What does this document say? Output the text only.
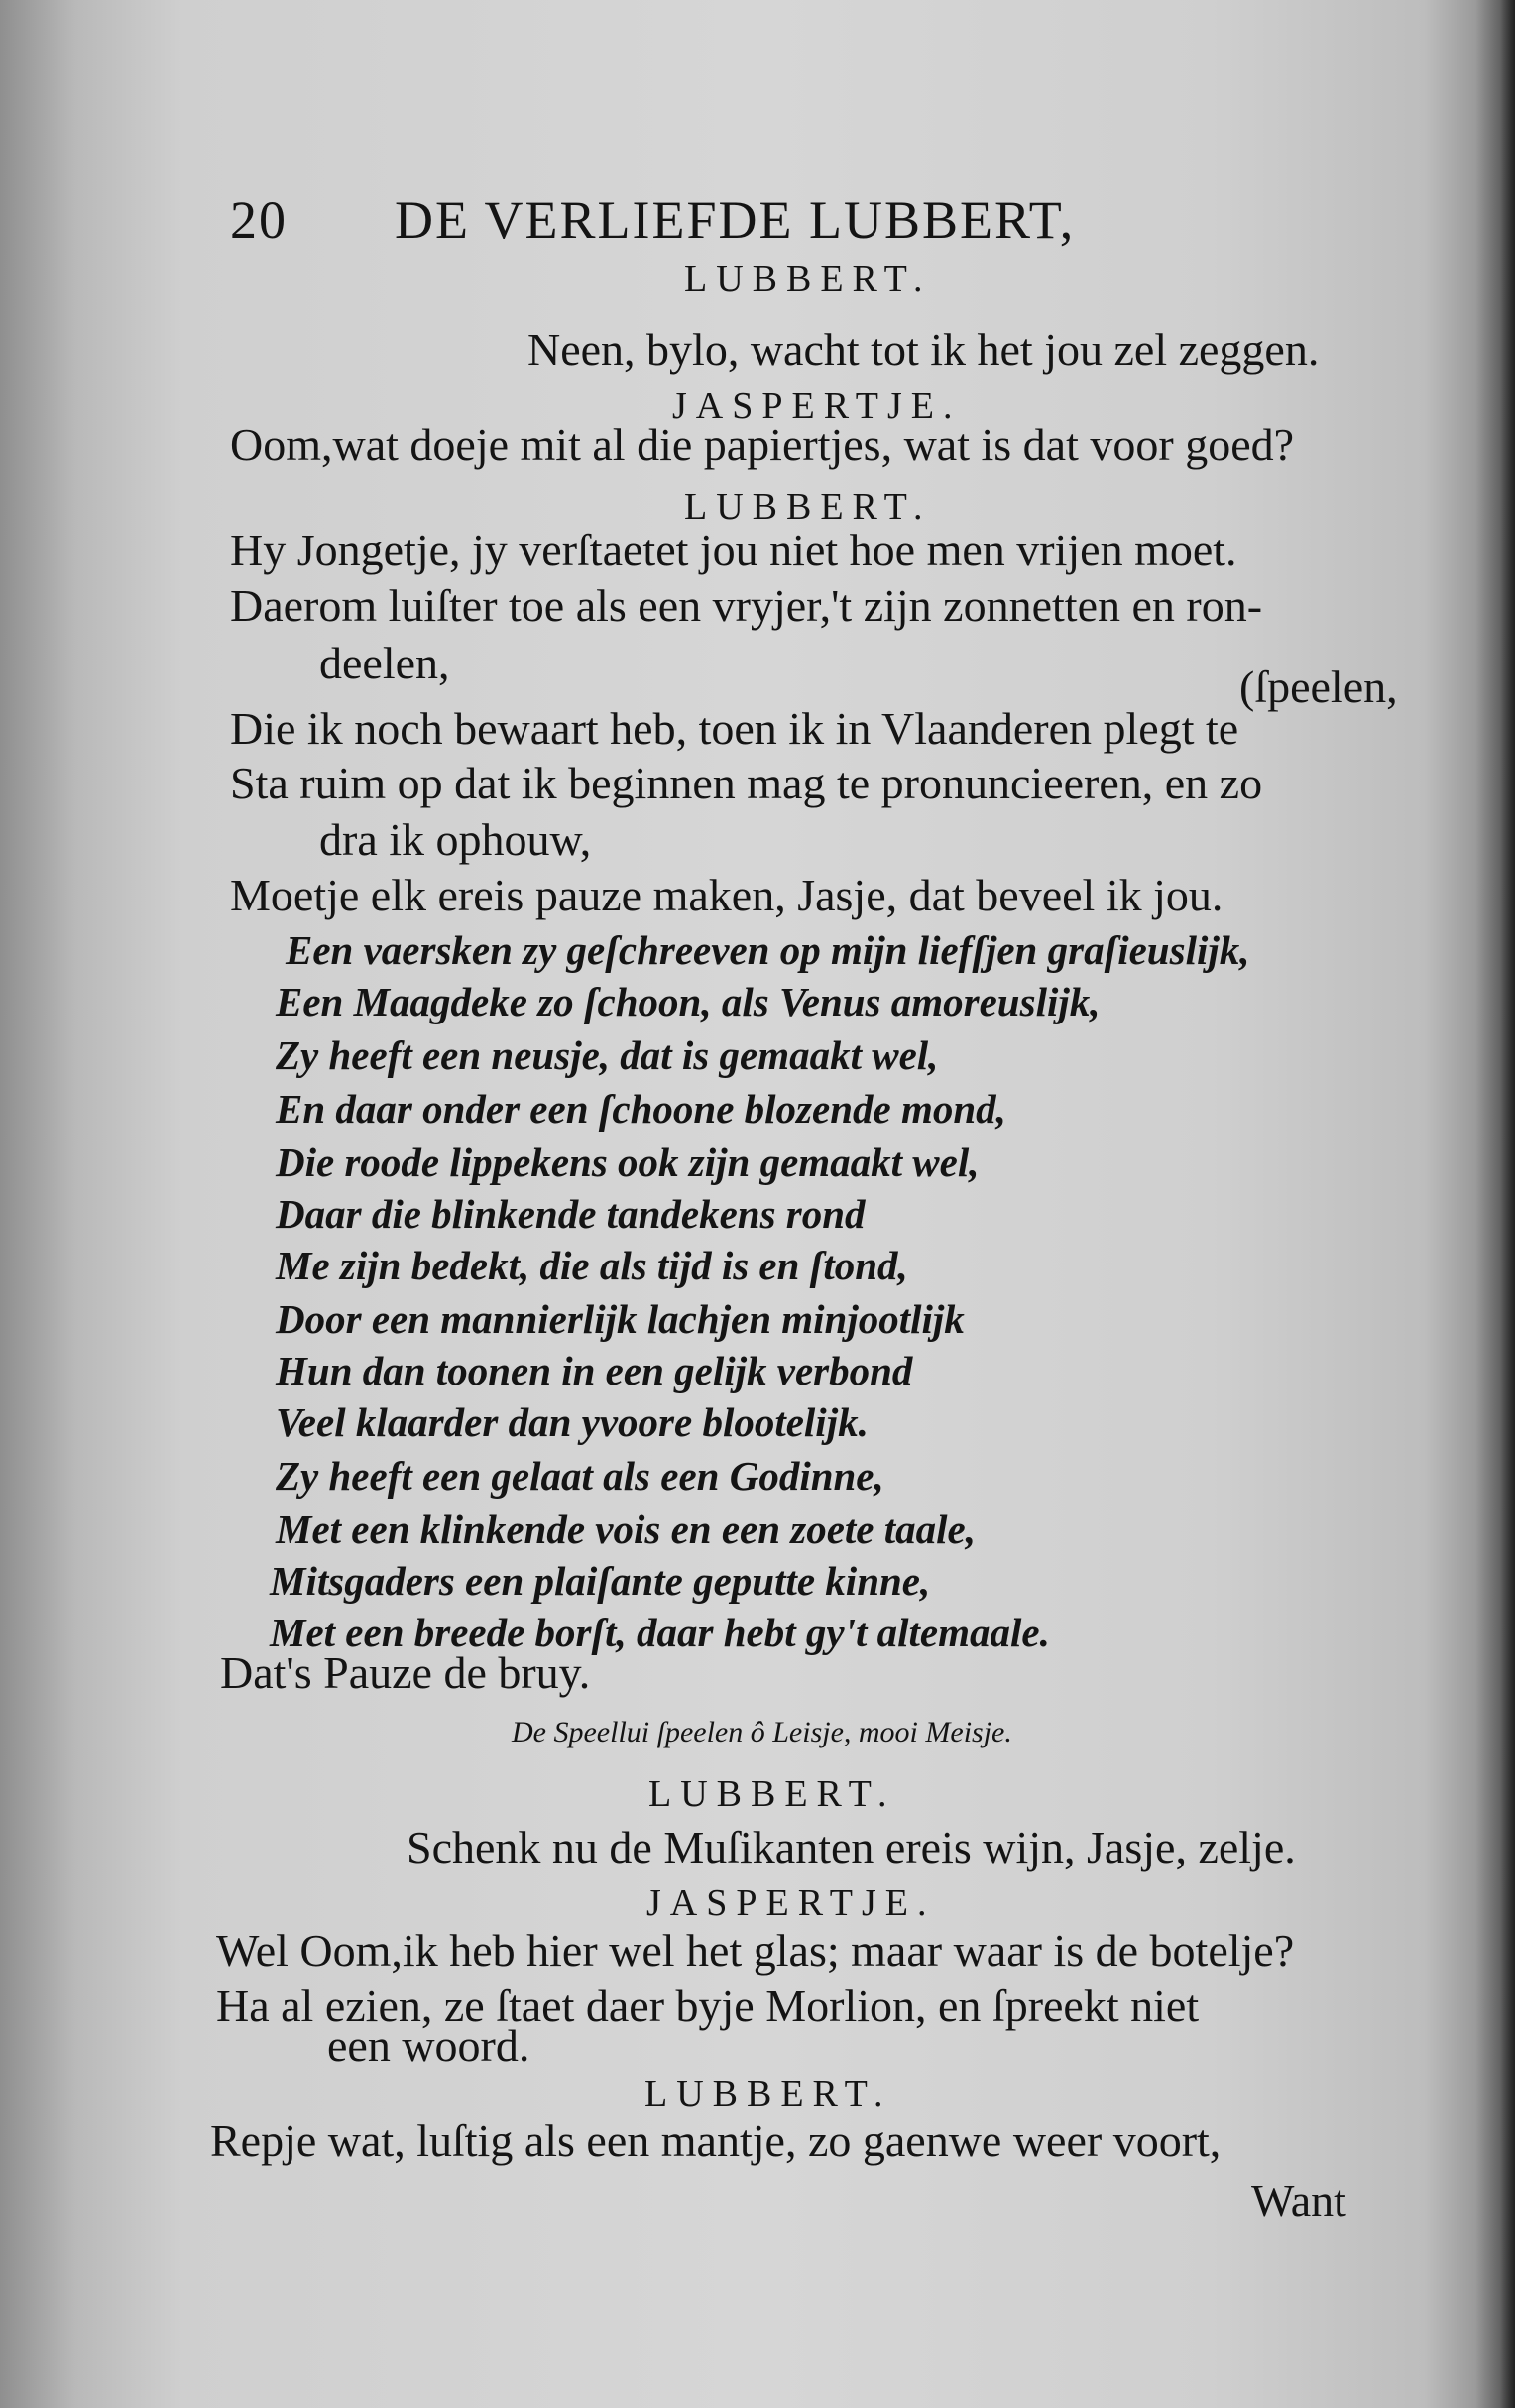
20 DE VERLIEFDE LUBBERT,
LUBBERT.
Neen, bylo, wacht tot ik het jou zel zeggen.
JASPERTJE.
Oom,wat doeje mit al die papiertjes, wat is dat voor goed?
LUBBERT.
Hy Jongetje, jy verſtaetet jou niet hoe men vrijen moet.
Daerom luiſter toe als een vryjer,'t zijn zonnetten en ron-
deelen,	(ſpeelen,
Die ik noch bewaart heb, toen ik in Vlaanderen plegt te
Sta ruim op dat ik beginnen mag te pronuncieeren, en zo
dra ik ophouw,
Moetje elk ereis pauze maken, Jasje, dat beveel ik jou.
Een vaersken zy geſchreeven op mijn liefſjen graſieuslijk,
Een Maagdeke zo ſchoon, als Venus amoreuslijk,
Zy heeft een neusje, dat is gemaakt wel,
En daar onder een ſchoone blozende mond,
Die roode lippekens ook zijn gemaakt wel,
Daar die blinkende tandekens rond
Me zijn bedekt, die als tijd is en ſtond,
Door een mannierlijk lachjen minjootlijk
Hun dan toonen in een gelijk verbond
Veel klaarder dan yvoore blootelijk.
Zy heeft een gelaat als een Godinne,
Met een klinkende vois en een zoete taale,
Mitsgaders een plaiſante geputte kinne,
Met een breede borſt, daar hebt gy't altemaale.
Dat's Pauze de bruy.
De Speellui ſpeelen ô Leisje, mooi Meisje.
LUBBERT.
Schenk nu de Muſikanten ereis wijn, Jasje, zelje.
JASPERTJE.
Wel Oom,ik heb hier wel het glas; maar waar is de botelje?
Ha al ezien, ze ſtaet daer byje Morlion, en ſpreekt niet
een woord.
LUBBERT.
Repje wat, luſtig als een mantje, zo gaenwe weer voort,
Want
